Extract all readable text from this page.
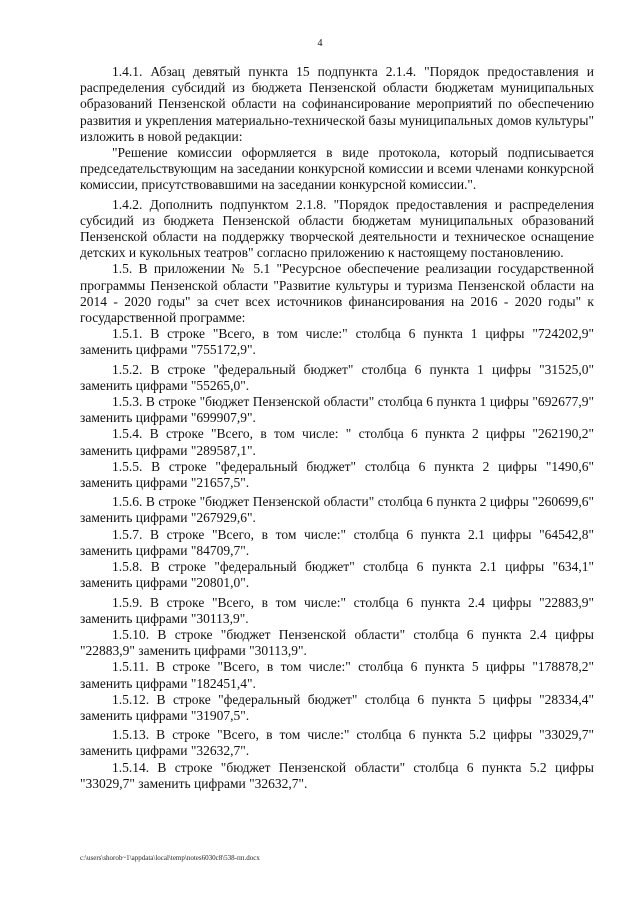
4

1.4.1. Абзац девятый пункта 15 подпункта 2.1.4. "Порядок предоставления и распределения субсидий из бюджета Пензенской области бюджетам муниципальных образований Пензенской области на софинансирование мероприятий по обеспечению развития и укрепления материально-технической базы муниципальных домов культуры" изложить в новой редакции:

"Решение комиссии оформляется в виде протокола, который подписывается председательствующим на заседании конкурсной комиссии и всеми членами конкурсной комиссии, присутствовавшими на заседании конкурсной комиссии.".

1.4.2. Дополнить подпунктом 2.1.8. "Порядок предоставления и распределения субсидий из бюджета Пензенской области бюджетам муниципальных образований Пензенской области на поддержку творческой деятельности и техническое оснащение детских и кукольных театров" согласно приложению к настоящему постановлению.

1.5. В приложении № 5.1 "Ресурсное обеспечение реализации государственной программы Пензенской области "Развитие культуры и туризма Пензенской области на 2014 - 2020 годы" за счет всех источников финансирования на 2016 - 2020 годы" к государственной программе:

1.5.1. В строке "Всего, в том числе:" столбца 6 пункта 1 цифры "724202,9" заменить цифрами "755172,9".

1.5.2. В строке "федеральный бюджет" столбца 6 пункта 1 цифры "31525,0" заменить цифрами "55265,0".

1.5.3. В строке "бюджет Пензенской области" столбца 6 пункта 1 цифры "692677,9" заменить цифрами "699907,9".

1.5.4. В строке "Всего, в том числе: " столбца 6 пункта 2 цифры "262190,2" заменить цифрами "289587,1".

1.5.5. В строке "федеральный бюджет" столбца 6 пункта 2 цифры "1490,6" заменить цифрами "21657,5".

1.5.6. В строке "бюджет Пензенской области" столбца 6 пункта 2 цифры "260699,6" заменить цифрами "267929,6".

1.5.7. В строке "Всего, в том числе:" столбца 6 пункта 2.1 цифры "64542,8" заменить цифрами "84709,7".

1.5.8. В строке "федеральный бюджет" столбца 6 пункта 2.1 цифры "634,1" заменить цифрами "20801,0".

1.5.9. В строке "Всего, в том числе:" столбца 6 пункта 2.4 цифры "22883,9" заменить цифрами "30113,9".

1.5.10. В строке "бюджет Пензенской области" столбца 6 пункта 2.4 цифры "22883,9" заменить цифрами "30113,9".

1.5.11. В строке "Всего, в том числе:" столбца 6 пункта 5 цифры "178878,2" заменить цифрами "182451,4".

1.5.12. В строке "федеральный бюджет" столбца 6 пункта 5 цифры "28334,4" заменить цифрами "31907,5".

1.5.13. В строке "Всего, в том числе:" столбца 6 пункта 5.2 цифры "33029,7" заменить цифрами "32632,7".

1.5.14. В строке "бюджет Пензенской области" столбца 6 пункта 5.2 цифры "33029,7" заменить цифрами "32632,7".

c:\users\shorob~1\appdata\local\temp\notes6030c8\538-пп.docx
